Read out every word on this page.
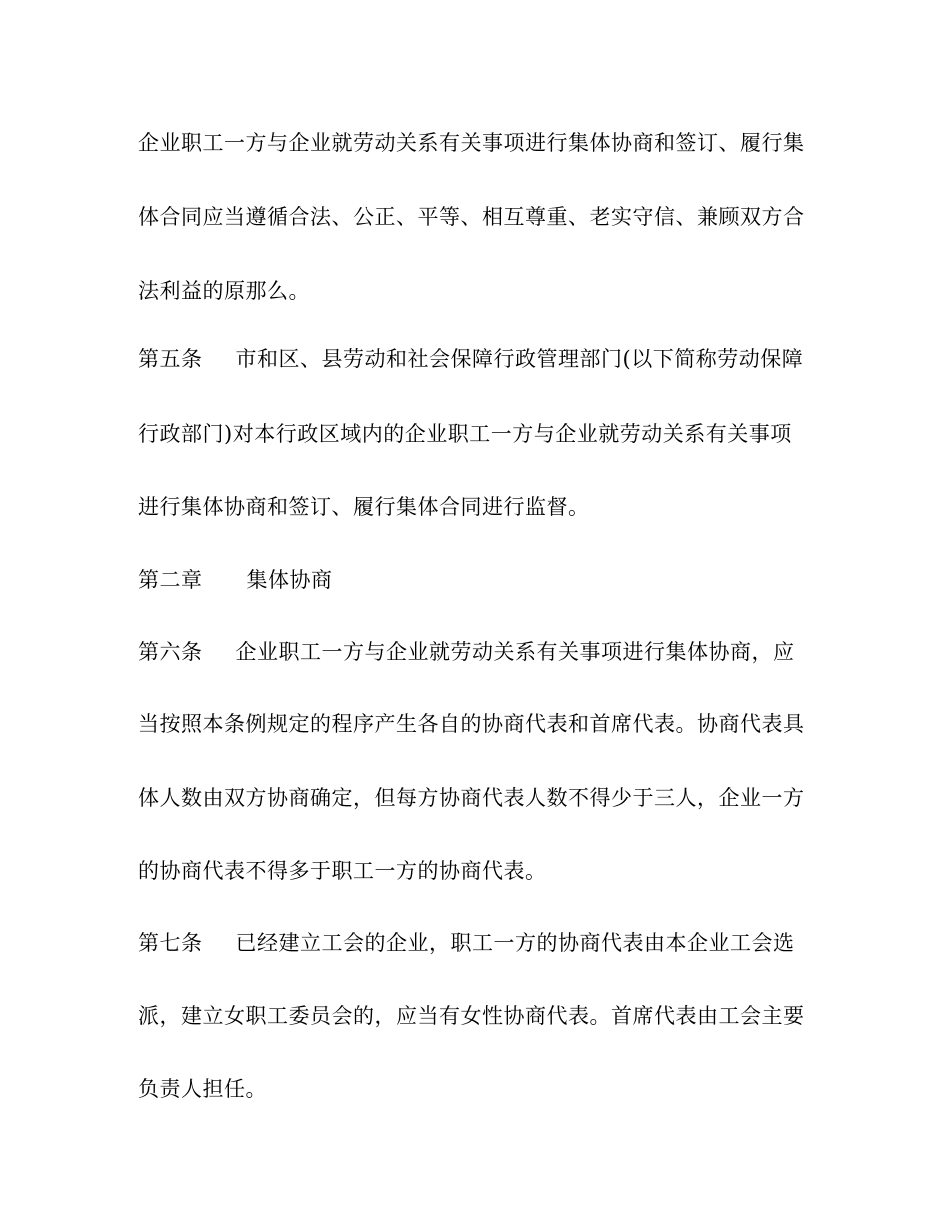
企业职工一方与企业就劳动关系有关事项进行集体协商和签订、履行集
体合同应当遵循合法、公正、平等、相互尊重、老实守信、兼顾双方合
法利益的原那么。
第五条 市和区、县劳动和社会保障行政管理部门(以下简称劳动保障
行政部门)对本行政区域内的企业职工一方与企业就劳动关系有关事项
进行集体协商和签订、履行集体合同进行监督。
第二章 集体协商
第六条 企业职工一方与企业就劳动关系有关事项进行集体协商，应
当按照本条例规定的程序产生各自的协商代表和首席代表。协商代表具
体人数由双方协商确定，但每方协商代表人数不得少于三人，企业一方
的协商代表不得多于职工一方的协商代表。
第七条 已经建立工会的企业，职工一方的协商代表由本企业工会选
派，建立女职工委员会的，应当有女性协商代表。首席代表由工会主要
负责人担任。
